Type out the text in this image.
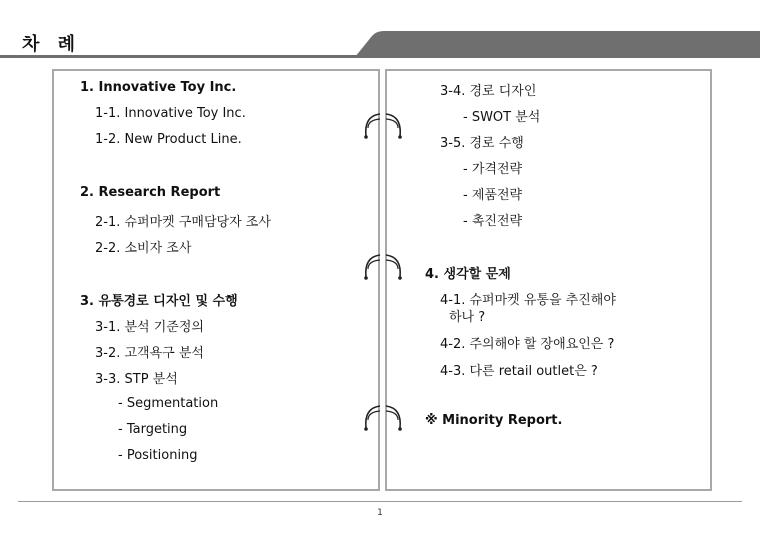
차 례
1. Innovative Toy Inc.
1-1. Innovative Toy Inc.
1-2. New Product Line.
2. Research Report
2-1. 슈퍼마켓 구매담당자 조사
2-2. 소비자 조사
3. 유통경로 디자인 및 수행
3-1. 분석 기준정의
3-2. 고객욕구 분석
3-3. STP 분석
- Segmentation
- Targeting
- Positioning
3-4. 경로 디자인
- SWOT 분석
3-5. 경로 수행
- 가격전략
- 제품전략
- 촉진전략
4. 생각할 문제
4-1. 슈퍼마켓 유통을 추진해야
하나 ?
4-2. 주의해야 할 장애요인은 ?
4-3. 다른 retail outlet은 ?
※ Minority Report.
1
